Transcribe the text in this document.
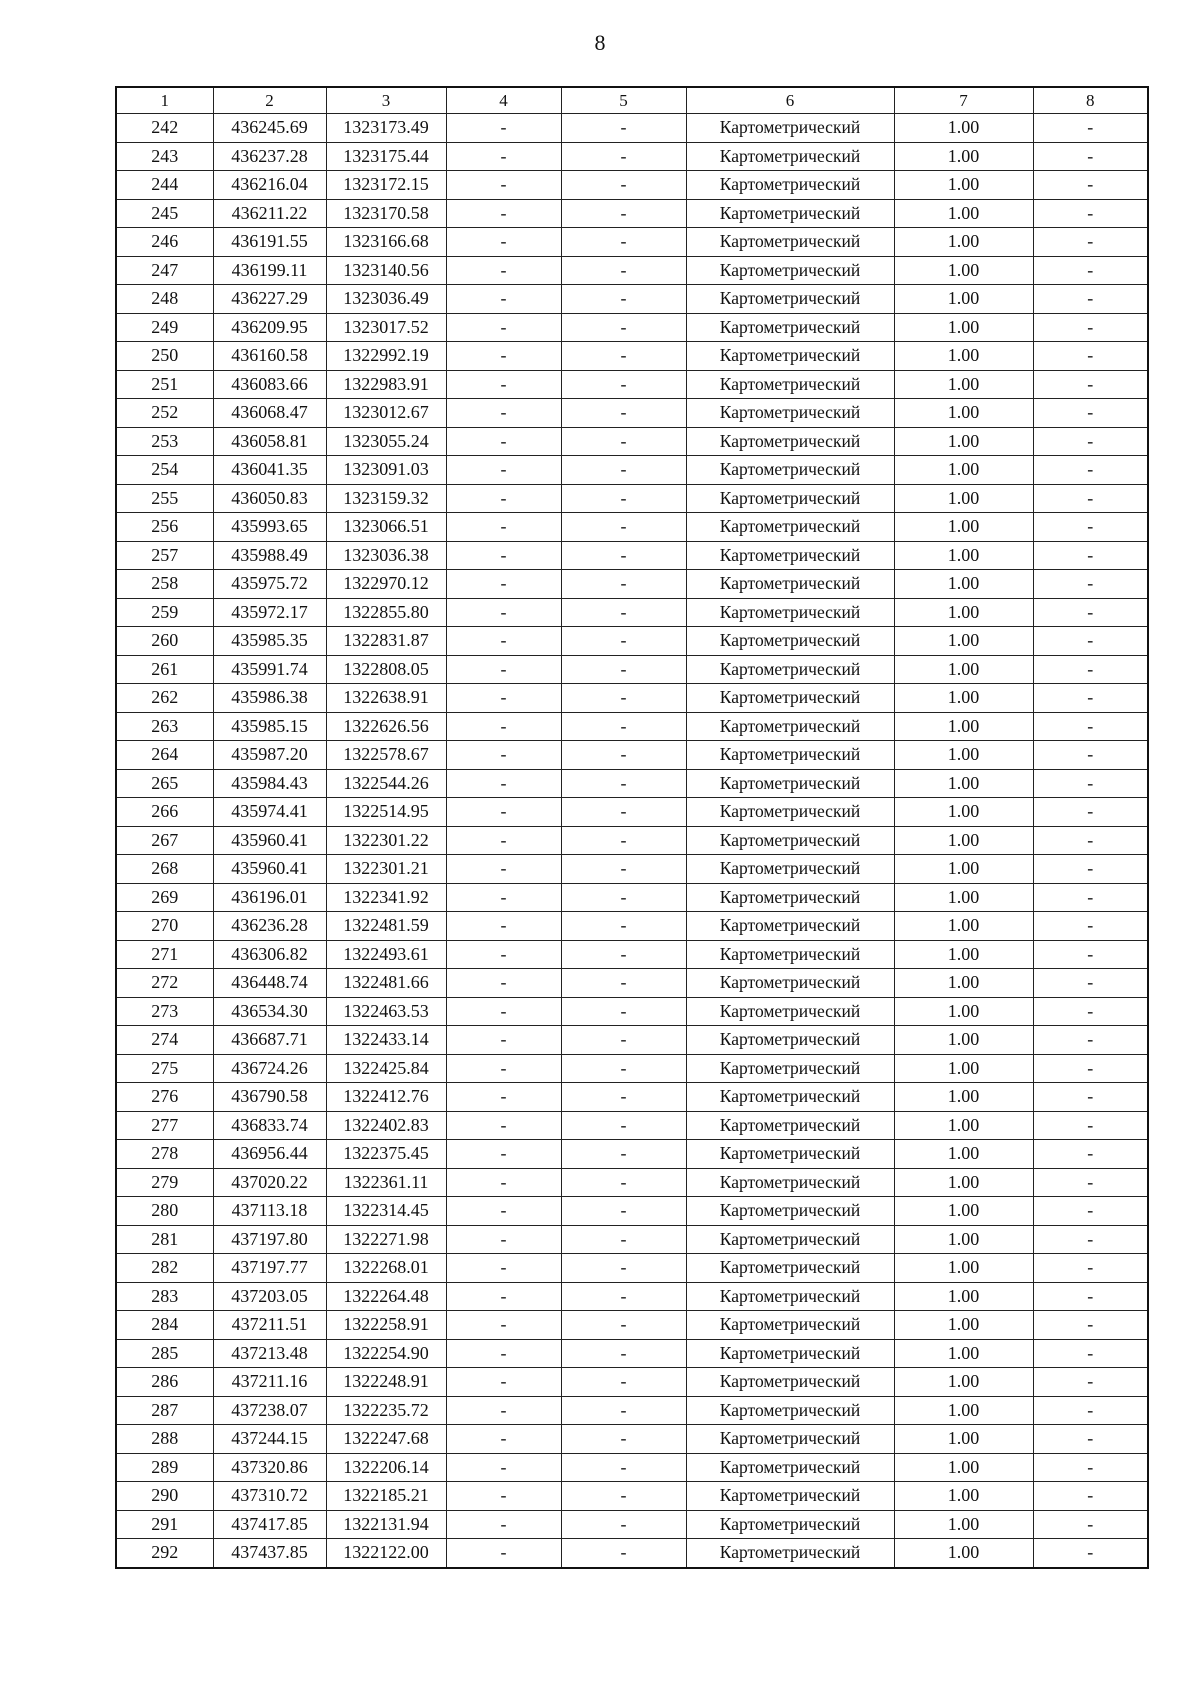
8
1	2	3	4	5	6	7	8
242	436245.69	1323173.49	-	-	Картометрический	1.00	-
243	436237.28	1323175.44	-	-	Картометрический	1.00	-
244	436216.04	1323172.15	-	-	Картометрический	1.00	-
245	436211.22	1323170.58	-	-	Картометрический	1.00	-
246	436191.55	1323166.68	-	-	Картометрический	1.00	-
247	436199.11	1323140.56	-	-	Картометрический	1.00	-
248	436227.29	1323036.49	-	-	Картометрический	1.00	-
249	436209.95	1323017.52	-	-	Картометрический	1.00	-
250	436160.58	1322992.19	-	-	Картометрический	1.00	-
251	436083.66	1322983.91	-	-	Картометрический	1.00	-
252	436068.47	1323012.67	-	-	Картометрический	1.00	-
253	436058.81	1323055.24	-	-	Картометрический	1.00	-
254	436041.35	1323091.03	-	-	Картометрический	1.00	-
255	436050.83	1323159.32	-	-	Картометрический	1.00	-
256	435993.65	1323066.51	-	-	Картометрический	1.00	-
257	435988.49	1323036.38	-	-	Картометрический	1.00	-
258	435975.72	1322970.12	-	-	Картометрический	1.00	-
259	435972.17	1322855.80	-	-	Картометрический	1.00	-
260	435985.35	1322831.87	-	-	Картометрический	1.00	-
261	435991.74	1322808.05	-	-	Картометрический	1.00	-
262	435986.38	1322638.91	-	-	Картометрический	1.00	-
263	435985.15	1322626.56	-	-	Картометрический	1.00	-
264	435987.20	1322578.67	-	-	Картометрический	1.00	-
265	435984.43	1322544.26	-	-	Картометрический	1.00	-
266	435974.41	1322514.95	-	-	Картометрический	1.00	-
267	435960.41	1322301.22	-	-	Картометрический	1.00	-
268	435960.41	1322301.21	-	-	Картометрический	1.00	-
269	436196.01	1322341.92	-	-	Картометрический	1.00	-
270	436236.28	1322481.59	-	-	Картометрический	1.00	-
271	436306.82	1322493.61	-	-	Картометрический	1.00	-
272	436448.74	1322481.66	-	-	Картометрический	1.00	-
273	436534.30	1322463.53	-	-	Картометрический	1.00	-
274	436687.71	1322433.14	-	-	Картометрический	1.00	-
275	436724.26	1322425.84	-	-	Картометрический	1.00	-
276	436790.58	1322412.76	-	-	Картометрический	1.00	-
277	436833.74	1322402.83	-	-	Картометрический	1.00	-
278	436956.44	1322375.45	-	-	Картометрический	1.00	-
279	437020.22	1322361.11	-	-	Картометрический	1.00	-
280	437113.18	1322314.45	-	-	Картометрический	1.00	-
281	437197.80	1322271.98	-	-	Картометрический	1.00	-
282	437197.77	1322268.01	-	-	Картометрический	1.00	-
283	437203.05	1322264.48	-	-	Картометрический	1.00	-
284	437211.51	1322258.91	-	-	Картометрический	1.00	-
285	437213.48	1322254.90	-	-	Картометрический	1.00	-
286	437211.16	1322248.91	-	-	Картометрический	1.00	-
287	437238.07	1322235.72	-	-	Картометрический	1.00	-
288	437244.15	1322247.68	-	-	Картометрический	1.00	-
289	437320.86	1322206.14	-	-	Картометрический	1.00	-
290	437310.72	1322185.21	-	-	Картометрический	1.00	-
291	437417.85	1322131.94	-	-	Картометрический	1.00	-
292	437437.85	1322122.00	-	-	Картометрический	1.00	-
